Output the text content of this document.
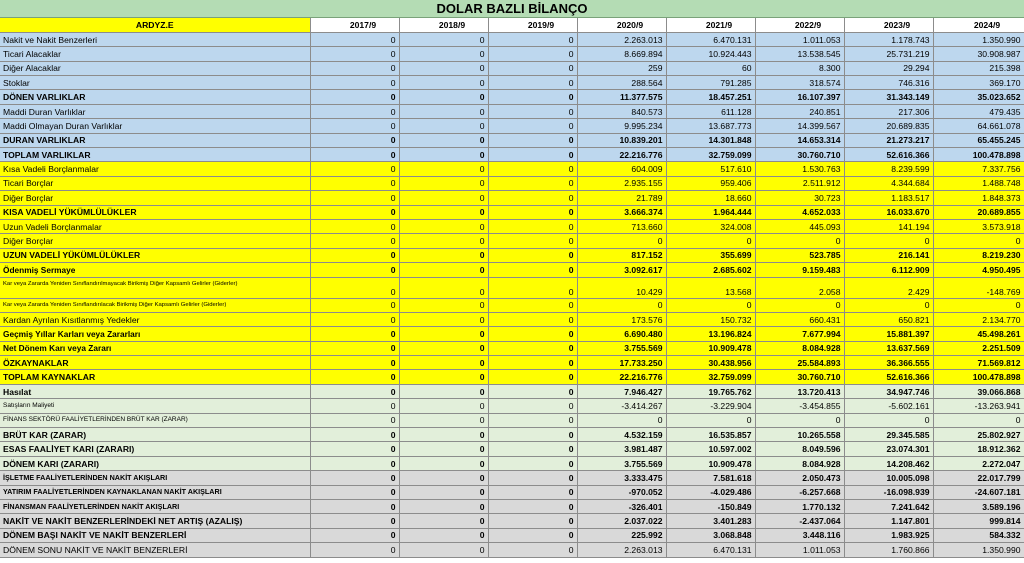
DOLAR BAZLI BİLANÇO
ARDYZ.E	2017/9	2018/9	2019/9	2020/9	2021/9	2022/9	2023/9	2024/9
Nakit ve Nakit Benzerleri	0	0	0	2.263.013	6.470.131	1.011.053	1.178.743	1.350.990
Ticari Alacaklar	0	0	0	8.669.894	10.924.443	13.538.545	25.731.219	30.908.987
Diğer Alacaklar	0	0	0	259	60	8.300	29.294	215.398
Stoklar	0	0	0	288.564	791.285	318.574	746.316	369.170
DÖNEN VARLIKLAR	0	0	0	11.377.575	18.457.251	16.107.397	31.343.149	35.023.652
Maddi Duran Varlıklar	0	0	0	840.573	611.128	240.851	217.306	479.435
Maddi Olmayan Duran Varlıklar	0	0	0	9.995.234	13.687.773	14.399.567	20.689.835	64.661.078
DURAN VARLIKLAR	0	0	0	10.839.201	14.301.848	14.653.314	21.273.217	65.455.245
TOPLAM VARLIKLAR	0	0	0	22.216.776	32.759.099	30.760.710	52.616.366	100.478.898
Kısa Vadeli Borçlanmalar	0	0	0	604.009	517.610	1.530.763	8.239.599	7.337.756
Ticari Borçlar	0	0	0	2.935.155	959.406	2.511.912	4.344.684	1.488.748
Diğer Borçlar	0	0	0	21.789	18.660	30.723	1.183.517	1.848.373
KISA VADELİ YÜKÜMLÜLÜKLER	0	0	0	3.666.374	1.964.444	4.652.033	16.033.670	20.689.855
Uzun Vadeli Borçlanmalar	0	0	0	713.660	324.008	445.093	141.194	3.573.918
Diğer Borçlar	0	0	0	0	0	0	0	0
UZUN VADELİ YÜKÜMLÜLÜKLER	0	0	0	817.152	355.699	523.785	216.141	8.219.230
Ödenmiş Sermaye	0	0	0	3.092.617	2.685.602	9.159.483	6.112.909	4.950.495
Kar veya Zararda Yeniden Sınıflandırılmayacak Birikmiş Diğer Kapsamlı Gelirler (Giderler)	0	0	0	10.429	13.568	2.058	2.429	-148.769
Kar veya Zararda Yeniden Sınıflandırılacak Birikmiş Diğer Kapsamlı Gelirler (Giderler)	0	0	0	0	0	0	0	0
Kardan Ayrılan Kısıtlanmış Yedekler	0	0	0	173.576	150.732	660.431	650.821	2.134.770
Geçmiş Yıllar Karları veya Zararları	0	0	0	6.690.480	13.196.824	7.677.994	15.881.397	45.498.261
Net Dönem Karı veya Zararı	0	0	0	3.755.569	10.909.478	8.084.928	13.637.569	2.251.509
ÖZKAYNAKLAR	0	0	0	17.733.250	30.438.956	25.584.893	36.366.555	71.569.812
TOPLAM KAYNAKLAR	0	0	0	22.216.776	32.759.099	30.760.710	52.616.366	100.478.898
Hasılat	0	0	0	7.946.427	19.765.762	13.720.413	34.947.746	39.066.868
Satışların Maliyeti	0	0	0	-3.414.267	-3.229.904	-3.454.855	-5.602.161	-13.263.941
FİNANS SEKTÖRÜ FAALİYETLERİNDEN BRÜT KAR (ZARAR)	0	0	0	0	0	0	0	0
BRÜT KAR (ZARAR)	0	0	0	4.532.159	16.535.857	10.265.558	29.345.585	25.802.927
ESAS FAALİYET KARI (ZARARI)	0	0	0	3.981.487	10.597.002	8.049.596	23.074.301	18.912.362
DÖNEM KARI (ZARARI)	0	0	0	3.755.569	10.909.478	8.084.928	14.208.462	2.272.047
İŞLETME FAALİYETLERİNDEN NAKİT AKIŞLARI	0	0	0	3.333.475	7.581.618	2.050.473	10.005.098	22.017.799
YATIRIM FAALİYETLERİNDEN KAYNAKLANAN NAKİT AKIŞLARI	0	0	0	-970.052	-4.029.486	-6.257.668	-16.098.939	-24.607.181
FİNANSMAN FAALİYETLERİNDEN NAKİT AKIŞLARI	0	0	0	-326.401	-150.849	1.770.132	7.241.642	3.589.196
NAKİT VE NAKİT BENZERLERİNDEKİ NET ARTIŞ (AZALIŞ)	0	0	0	2.037.022	3.401.283	-2.437.064	1.147.801	999.814
DÖNEM BAŞI NAKİT VE NAKİT BENZERLERİ	0	0	0	225.992	3.068.848	3.448.116	1.983.925	584.332
DÖNEM SONU NAKİT VE NAKİT BENZERLERİ	0	0	0	2.263.013	6.470.131	1.011.053	1.760.866	1.350.990
